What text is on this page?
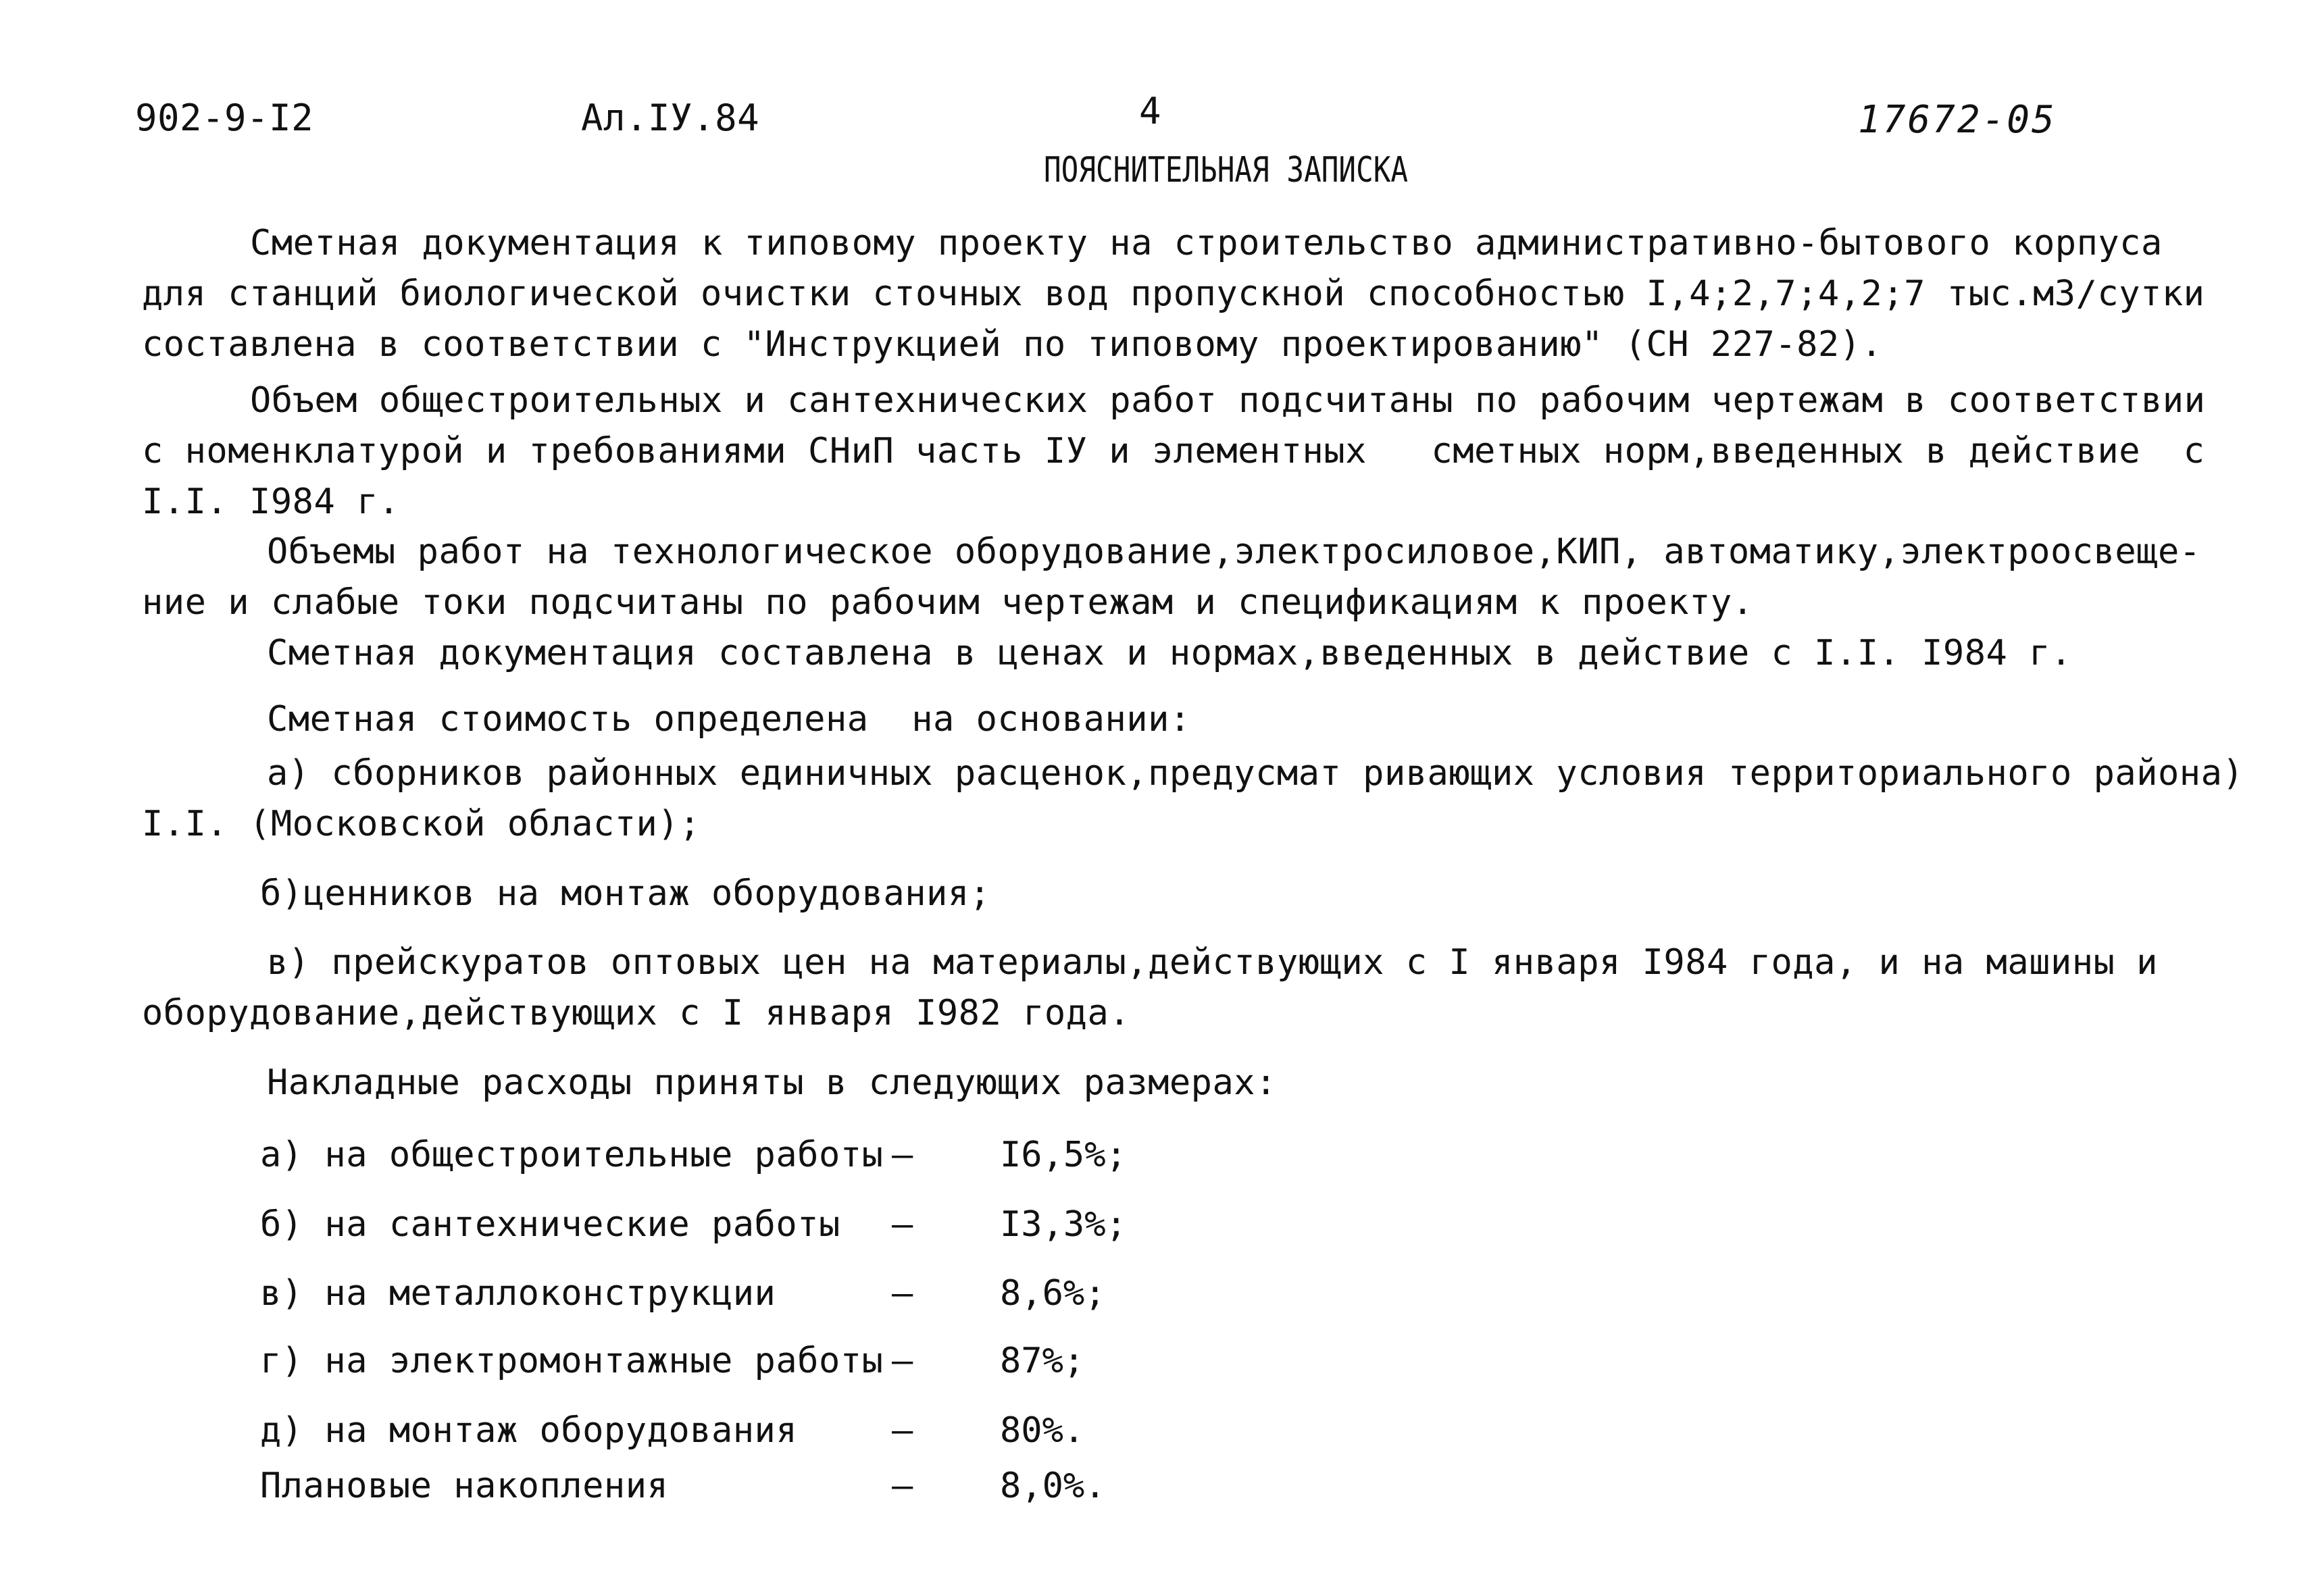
902-9-I2	Ал.IУ.84	4	17672-05
ПОЯСНИТЕЛЬНАЯ ЗАПИСКА
Сметная документация к типовому проекту на строительство административно-бытового корпуса
для станций биологической очистки сточных вод пропускной способностью I,4;2,7;4,2;7 тыс.м3/сутки
составлена в соответствии с "Инструкцией по типовому проектированию" (СН 227-82).
Объем общестроительных и сантехнических работ подсчитаны по рабочим чертежам в соответствии
с номенклатурой и требованиями СНиП часть IУ и элементных   сметных норм,введенных в действие  с
I.I. I984 г.
Объемы работ на технологическое оборудование,электросиловое,КИП, автоматику,электроосвеще-
ние и слабые токи подсчитаны по рабочим чертежам и спецификациям к проекту.
Сметная документация составлена в ценах и нормах,введенных в действие с I.I. I984 г.
Сметная стоимость определена  на основании:
а) сборников районных единичных расценок,предусмат ривающих условия территориального района)
I.I. (Московской области);
б)ценников на монтаж оборудования;
в) прейскуратов оптовых цен на материалы,действующих с I января I984 года, и на машины и
оборудование,действующих с I января I982 года.
Накладные расходы приняты в следующих размерах:
а) на общестроительные работы – I6,5%;
б) на сантехнические работы – I3,3%;
в) на металлоконструкции	– 8,6%;
г) на электромонтажные работы – 87%;
д) на монтаж оборудования	– 80%.
Плановые накопления	– 8,0%.
